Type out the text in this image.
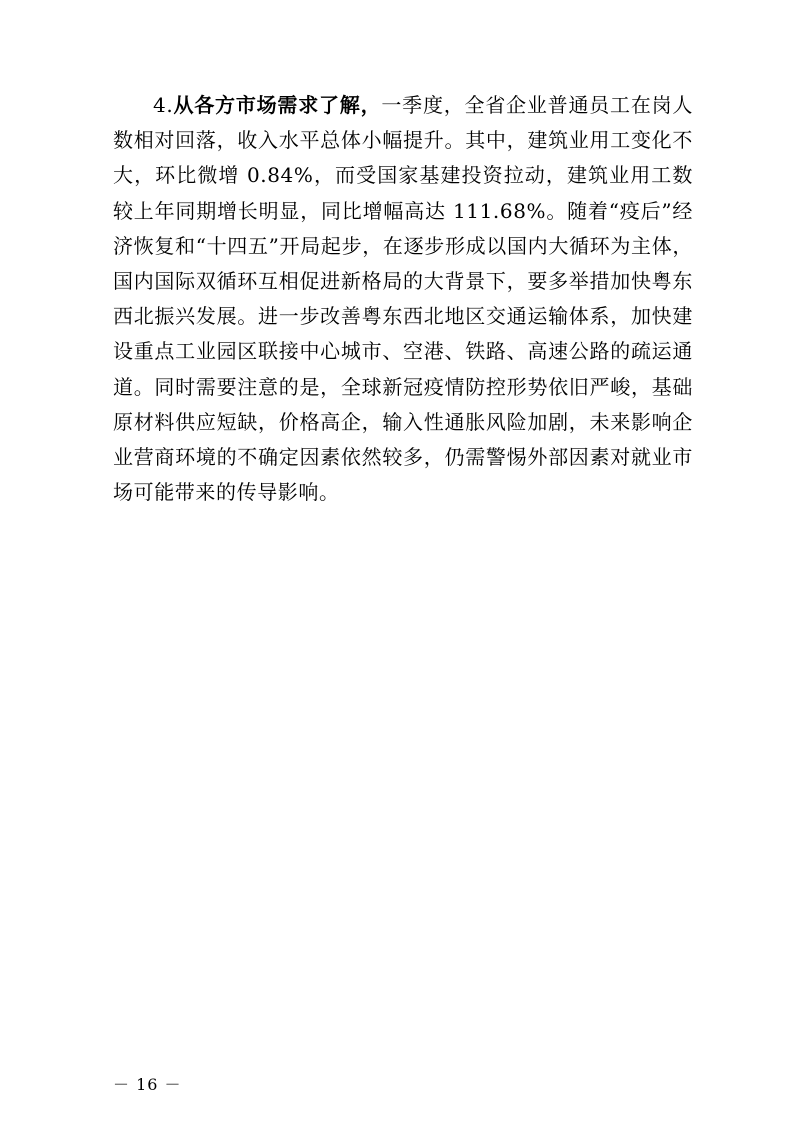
4.从各方市场需求了解，一季度，全省企业普通员工在岗人数相对回落，收入水平总体小幅提升。其中，建筑业用工变化不大，环比微增 0.84%，而受国家基建投资拉动，建筑业用工数较上年同期增长明显，同比增幅高达 111.68%。随着“疫后”经济恢复和“十四五”开局起步，在逐步形成以国内大循环为主体，国内国际双循环互相促进新格局的大背景下，要多举措加快粤东西北振兴发展。进一步改善粤东西北地区交通运输体系，加快建设重点工业园区联接中心城市、空港、铁路、高速公路的疏运通道。同时需要注意的是，全球新冠疫情防控形势依旧严峻，基础原材料供应短缺，价格高企，输入性通胀风险加剧，未来影响企业营商环境的不确定因素依然较多，仍需警惕外部因素对就业市场可能带来的传导影响。

－ 16 －
